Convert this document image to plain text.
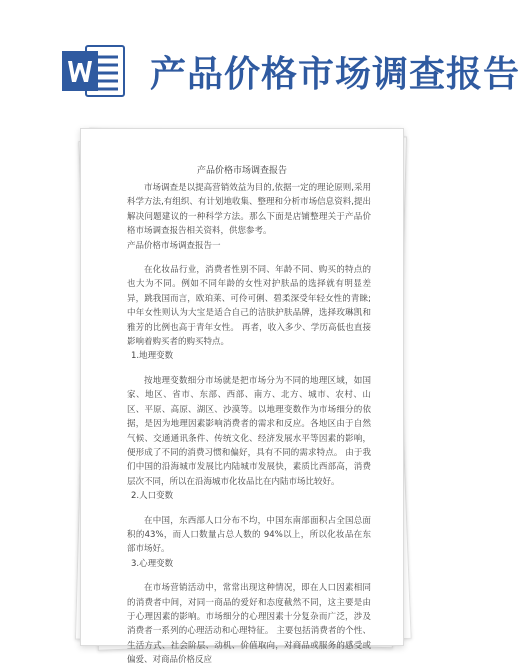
产品价格市场调查报告
产品价格市场调查报告

市场调查是以提高营销效益为目的,依据一定的理论原则,采用科学方法,有组织、有计划地收集、整理和分析市场信息资料,提出解决问题建议的一种科学方法。那么下面是店铺整理关于产品价格市场调查报告相关资料，供您参考。

产品价格市场调查报告一

在化妆品行业，消费者性别不同、年龄不同、购买的特点的也大为不同。例如不同年龄的女性对护肤品的选择就有明显差异，跳我国而言，欧珀莱、可伶可俐、碧柔深受年轻女性的青睐;中年女性则认为大宝是适合自己的洁肤护肤品牌，选择玫琳凯和雅芳的比例也高于青年女性。 再者，收入多少、学历高低也直接影响着购买者的购买特点。

1.地理变数

按地理变数细分市场就是把市场分为不同的地理区域，如国家、地区、省市、东部、西部、南方、北方、城市、农村、山区、平原、高原、湖区、沙漠等。以地理变数作为市场细分的依据，是因为地理因素影响消费者的需求和反应。各地区由于自然气候、交通通讯条件、传统文化、经济发展水平等因素的影响，便形成了不同的消费习惯和偏好，具有不同的需求特点。 由于我们中国的沿海城市发展比内陆城市发展快，素质比西部高，消费层次不同，所以在沿海城市化妆品比在内陆市场比较好。

2.人口变数

在中国，东西部人口分布不均，中国东南部面积占全国总面积的43%，而人口数量占总人数的 94%以上，所以化妆品在东部市场好。

3.心理变数

在市场营销活动中，常常出现这种情况，即在人口因素相同的消费者中间，对同一商品的爱好和态度截然不同，这主要是由于心理因素的影响。市场细分的心理因素十分复杂而广泛，涉及消费者一系列的心理活动和心理特征。 主要包括消费者的个性、生活方式、社会阶层、动机、价值取向，对商品或服务的感受或偏爱、对商品价格反应
